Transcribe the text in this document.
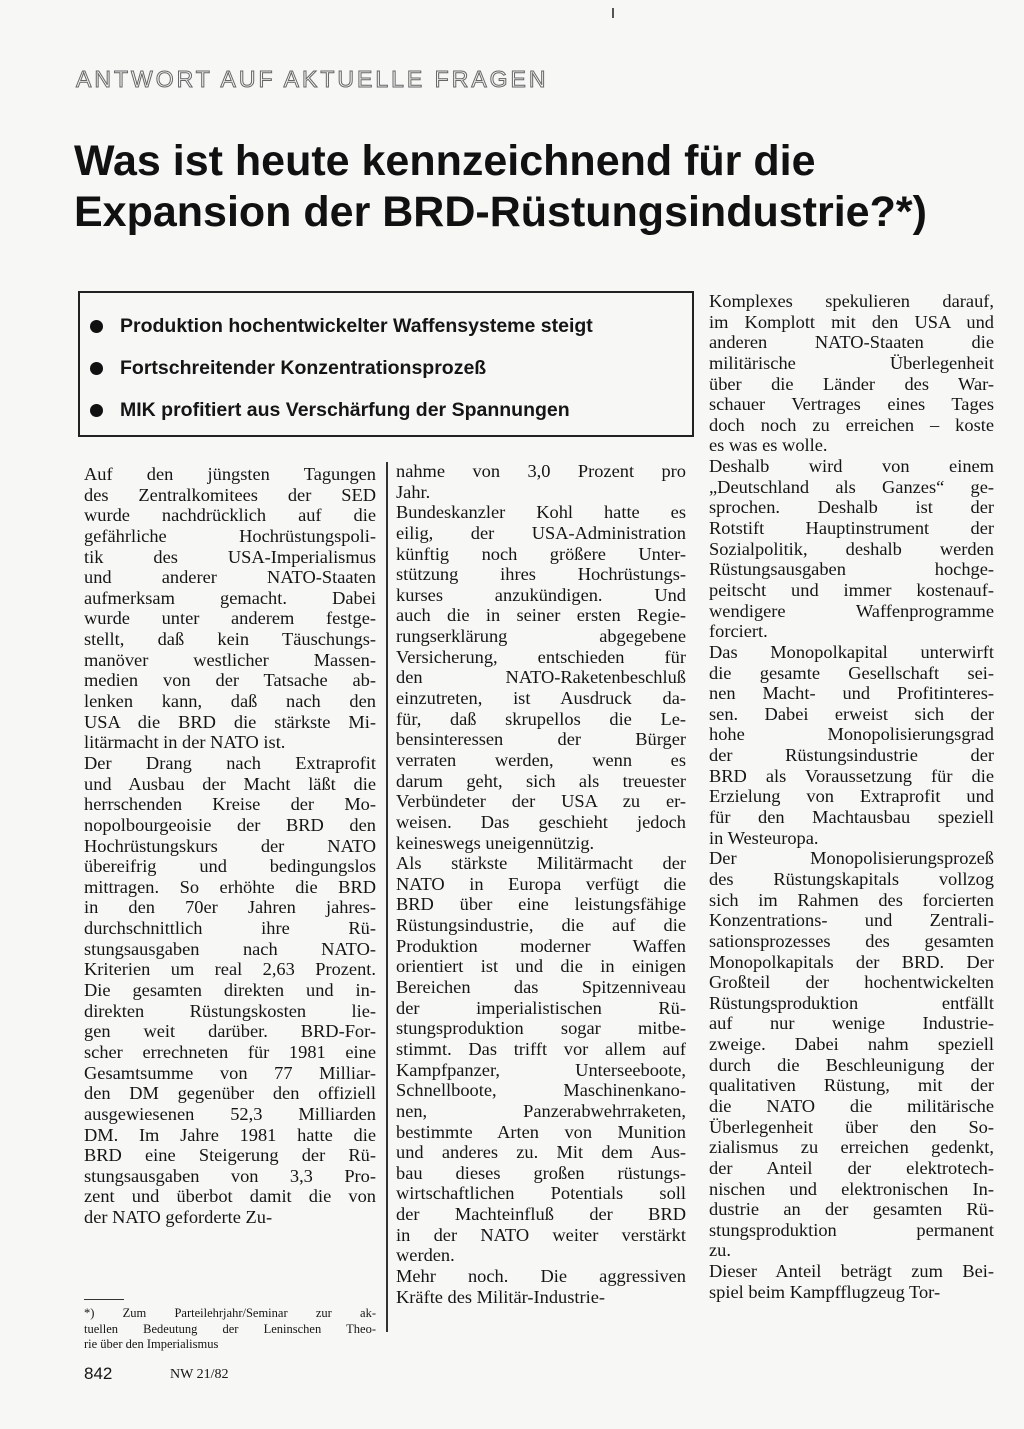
ANTWORT AUF AKTUELLE FRAGEN
Was ist heute kennzeichnend für die
Expansion der BRD-Rüstungsindustrie?*)
Produktion hochentwickelter Waffensysteme steigt
Fortschreitender Konzentrationsprozeß
MIK profitiert aus Verschärfung der Spannungen

Auf den jüngsten Tagungen
des Zentralkomitees der SED
wurde nachdrücklich auf die
gefährliche Hochrüstungspoli-
tik des USA-Imperialismus
und anderer NATO-Staaten
aufmerksam gemacht. Dabei
wurde unter anderem festge-
stellt, daß kein Täuschungs-
manöver westlicher Massen-
medien von der Tatsache ab-
lenken kann, daß nach den
USA die BRD die stärkste Mi-
litärmacht in der NATO ist.

Der Drang nach Extraprofit
und Ausbau der Macht läßt die
herrschenden Kreise der Mo-
nopolbourgeoisie der BRD den
Hochrüstungskurs der NATO
übereifrig und bedingungslos
mittragen. So erhöhte die BRD
in den 70er Jahren jahres-
durchschnittlich ihre Rü-
stungsausgaben nach NATO-
Kriterien um real 2,63 Prozent.
Die gesamten direkten und in-
direkten Rüstungskosten lie-
gen weit darüber. BRD-For-
scher errechneten für 1981 eine
Gesamtsumme von 77 Milliar-
den DM gegenüber den offiziell
ausgewiesenen 52,3 Milliarden
DM. Im Jahre 1981 hatte die
BRD eine Steigerung der Rü-
stungsausgaben von 3,3 Pro-
zent und überbot damit die von
der NATO geforderte Zu-

nahme von 3,0 Prozent pro
Jahr.

Bundeskanzler Kohl hatte es
eilig, der USA-Administration
künftig noch größere Unter-
stützung ihres Hochrüstungs-
kurses anzukündigen. Und
auch die in seiner ersten Regie-
rungserklärung abgegebene
Versicherung, entschieden für
den NATO-Raketenbeschluß
einzutreten, ist Ausdruck da-
für, daß skrupellos die Le-
bensinteressen der Bürger
verraten werden, wenn es
darum geht, sich als treuester
Verbündeter der USA zu er-
weisen. Das geschieht jedoch
keineswegs uneigennützig.

Als stärkste Militärmacht der
NATO in Europa verfügt die
BRD über eine leistungsfähige
Rüstungsindustrie, die auf die
Produktion moderner Waffen
orientiert ist und die in einigen
Bereichen das Spitzenniveau
der imperialistischen Rü-
stungsproduktion sogar mitbe-
stimmt. Das trifft vor allem auf
Kampfpanzer, Unterseeboote,
Schnellboote, Maschinenkano-
nen, Panzerabwehrraketen,
bestimmte Arten von Munition
und anderes zu. Mit dem Aus-
bau dieses großen rüstungs-
wirtschaftlichen Potentials soll
der Machteinfluß der BRD
in der NATO weiter verstärkt
werden.

Mehr noch. Die aggressiven
Kräfte des Militär-Industrie-

Komplexes spekulieren darauf,
im Komplott mit den USA und
anderen NATO-Staaten die
militärische Überlegenheit
über die Länder des War-
schauer Vertrages eines Tages
doch noch zu erreichen – koste
es was es wolle.

Deshalb wird von einem
„Deutschland als Ganzes“ ge-
sprochen. Deshalb ist der
Rotstift Hauptinstrument der
Sozialpolitik, deshalb werden
Rüstungsausgaben hochge-
peitscht und immer kostenauf-
wendigere Waffenprogramme
forciert.

Das Monopolkapital unterwirft
die gesamte Gesellschaft sei-
nen Macht- und Profitinteres-
sen. Dabei erweist sich der
hohe Monopolisierungsgrad
der Rüstungsindustrie der
BRD als Voraussetzung für die
Erzielung von Extraprofit und
für den Machtausbau speziell
in Westeuropa.

Der Monopolisierungsprozeß
des Rüstungskapitals vollzog
sich im Rahmen des forcierten
Konzentrations- und Zentrali-
sationsprozesses des gesamten
Monopolkapitals der BRD. Der
Großteil der hochentwickelten
Rüstungsproduktion entfällt
auf nur wenige Industrie-
zweige. Dabei nahm speziell
durch die Beschleunigung der
qualitativen Rüstung, mit der
die NATO die militärische
Überlegenheit über den So-
zialismus zu erreichen gedenkt,
der Anteil der elektrotech-
nischen und elektronischen In-
dustrie an der gesamten Rü-
stungsproduktion permanent
zu.

Dieser Anteil beträgt zum Bei-
spiel beim Kampfflugzeug Tor-

*) Zum Parteilehrjahr/Seminar zur ak-
tuellen Bedeutung der Leninschen Theo-
rie über den Imperialismus
842	NW 21/82
